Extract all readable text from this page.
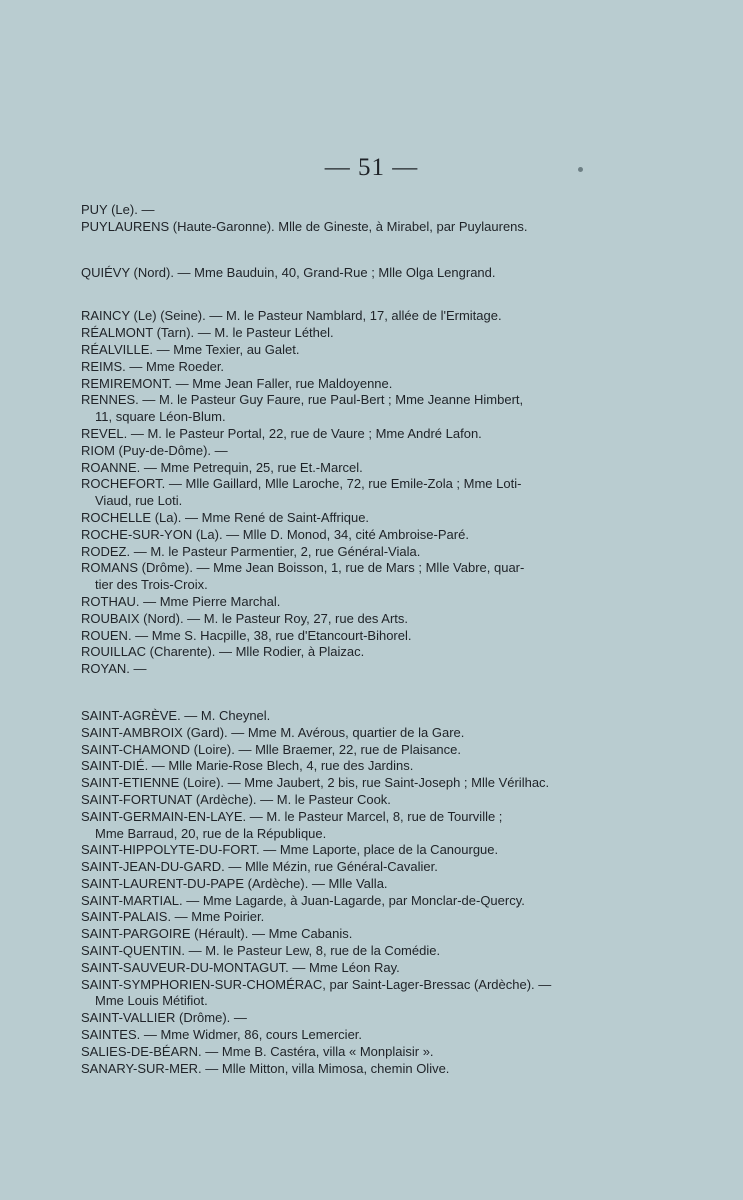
— 51 —
PUY (Le). —
PUYLAURENS (Haute-Garonne). Mlle de Gineste, à Mirabel, par Puylaurens.
QUIÉVY (Nord). — Mme Bauduin, 40, Grand-Rue ; Mlle Olga Lengrand.
RAINCY (Le) (Seine). — M. le Pasteur Namblard, 17, allée de l'Ermitage.
RÉALMONT (Tarn). — M. le Pasteur Léthel.
RÉALVILLE. — Mme Texier, au Galet.
REIMS. — Mme Roeder.
REMIREMONT. — Mme Jean Faller, rue Maldoyenne.
RENNES. — M. le Pasteur Guy Faure, rue Paul-Bert ; Mme Jeanne Himbert,
11, square Léon-Blum.
REVEL. — M. le Pasteur Portal, 22, rue de Vaure ; Mme André Lafon.
RIOM (Puy-de-Dôme). —
ROANNE. — Mme Petrequin, 25, rue Et.-Marcel.
ROCHEFORT. — Mlle Gaillard, Mlle Laroche, 72, rue Emile-Zola ; Mme Loti-
Viaud, rue Loti.
ROCHELLE (La). — Mme René de Saint-Affrique.
ROCHE-SUR-YON (La). — Mlle D. Monod, 34, cité Ambroise-Paré.
RODEZ. — M. le Pasteur Parmentier, 2, rue Général-Viala.
ROMANS (Drôme). — Mme Jean Boisson, 1, rue de Mars ; Mlle Vabre, quar-
tier des Trois-Croix.
ROTHAU. — Mme Pierre Marchal.
ROUBAIX (Nord). — M. le Pasteur Roy, 27, rue des Arts.
ROUEN. — Mme S. Hacpille, 38, rue d'Etancourt-Bihorel.
ROUILLAC (Charente). — Mlle Rodier, à Plaizac.
ROYAN. —
SAINT-AGRÈVE. — M. Cheynel.
SAINT-AMBROIX (Gard). — Mme M. Avérous, quartier de la Gare.
SAINT-CHAMOND (Loire). — Mlle Braemer, 22, rue de Plaisance.
SAINT-DIÉ. — Mlle Marie-Rose Blech, 4, rue des Jardins.
SAINT-ETIENNE (Loire). — Mme Jaubert, 2 bis, rue Saint-Joseph ; Mlle Vérilhac.
SAINT-FORTUNAT (Ardèche). — M. le Pasteur Cook.
SAINT-GERMAIN-EN-LAYE. — M. le Pasteur Marcel, 8, rue de Tourville ;
Mme Barraud, 20, rue de la République.
SAINT-HIPPOLYTE-DU-FORT. — Mme Laporte, place de la Canourgue.
SAINT-JEAN-DU-GARD. — Mlle Mézin, rue Général-Cavalier.
SAINT-LAURENT-DU-PAPE (Ardèche). — Mlle Valla.
SAINT-MARTIAL. — Mme Lagarde, à Juan-Lagarde, par Monclar-de-Quercy.
SAINT-PALAIS. — Mme Poirier.
SAINT-PARGOIRE (Hérault). — Mme Cabanis.
SAINT-QUENTIN. — M. le Pasteur Lew, 8, rue de la Comédie.
SAINT-SAUVEUR-DU-MONTAGUT. — Mme Léon Ray.
SAINT-SYMPHORIEN-SUR-CHOMÉRAC, par Saint-Lager-Bressac (Ardèche). —
Mme Louis Métifiot.
SAINT-VALLIER (Drôme). —
SAINTES. — Mme Widmer, 86, cours Lemercier.
SALIES-DE-BÉARN. — Mme B. Castéra, villa « Monplaisir ».
SANARY-SUR-MER. — Mlle Mitton, villa Mimosa, chemin Olive.
